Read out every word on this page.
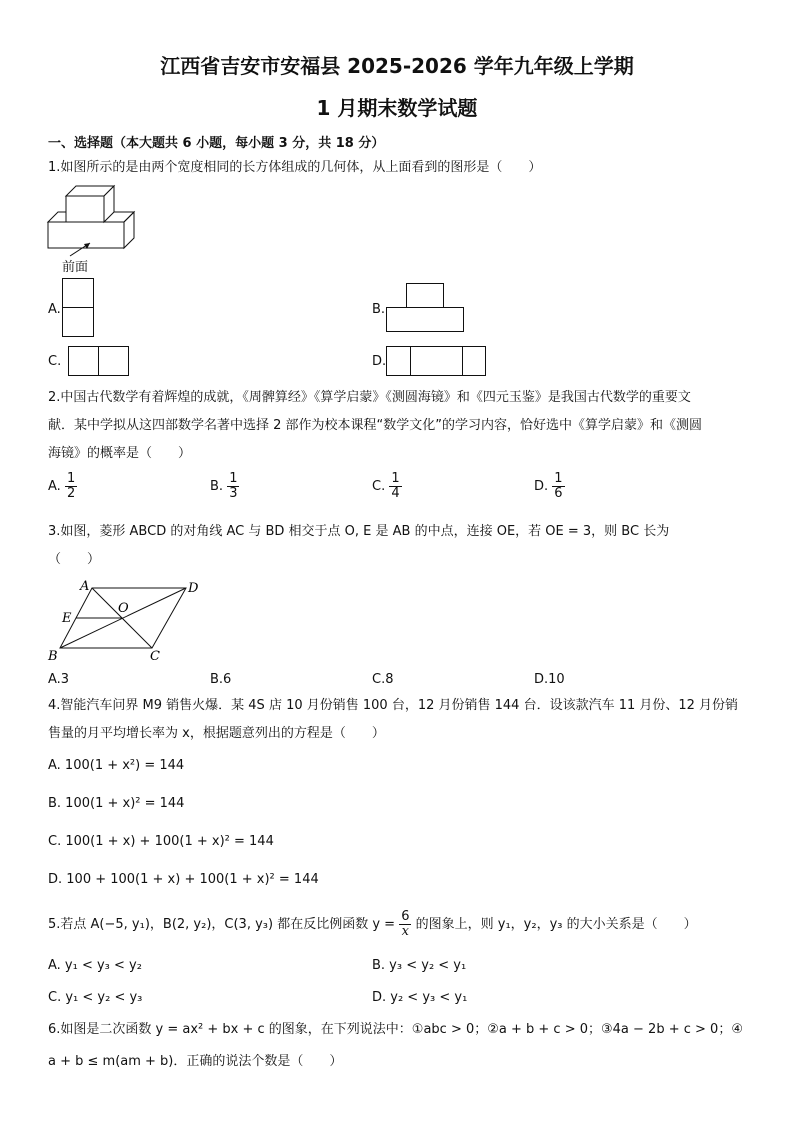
江西省吉安市安福县 2025-2026 学年九年级上学期
1 月期末数学试题
一、选择题（本大题共 6 小题，每小题 3 分，共 18 分）
1.如图所示的是由两个宽度相同的长方体组成的几何体，从上面看到的图形是（　　）
前面
A.	B.
C.	D.
2.中国古代数学有着辉煌的成就，《周髀算经》《算学启蒙》《测圆海镜》和《四元玉鉴》是我国古代数学的重要文
献．某中学拟从这四部数学名著中选择 2 部作为校本课程“数学文化”的学习内容，恰好选中《算学启蒙》和《测圆
海镜》的概率是（　　）
A. $\frac{1}{2}$	B. $\frac{1}{3}$	C. $\frac{1}{4}$	D. $\frac{1}{6}$
3.如图，菱形 ABCD 的对角线 AC 与 BD 相交于点 O, E 是 AB 的中点，连接 OE，若 OE = 3，则 BC 长为
（　　）
A	D
E
O
B	C
A.3	B.6	C.8	D.10
4.智能汽车问界 M9 销售火爆．某 4S 店 10 月份销售 100 台，12 月份销售 144 台．设该款汽车 11 月份、12 月份销
售量的月平均增长率为 x，根据题意列出的方程是（　　）
A. 100(1 + x²) = 144
B. 100(1 + x)² = 144
C. 100(1 + x) + 100(1 + x)² = 144
D. 100 + 100(1 + x) + 100(1 + x)² = 144
5.若点 A(−5, y₁)，B(2, y₂)，C(3, y₃) 都在反比例函数 $y = \frac{6}{x}$ 的图象上，则 y₁，y₂，y₃ 的大小关系是（　　）
A. y₁ < y₃ < y₂	B. y₃ < y₂ < y₁
C. y₁ < y₂ < y₃	D. y₂ < y₃ < y₁
6.如图是二次函数 y = ax² + bx + c 的图象，在下列说法中：①abc > 0；②a + b + c > 0；③4a − 2b + c > 0；④
a + b ≤ m(am + b)．正确的说法个数是（　　）
